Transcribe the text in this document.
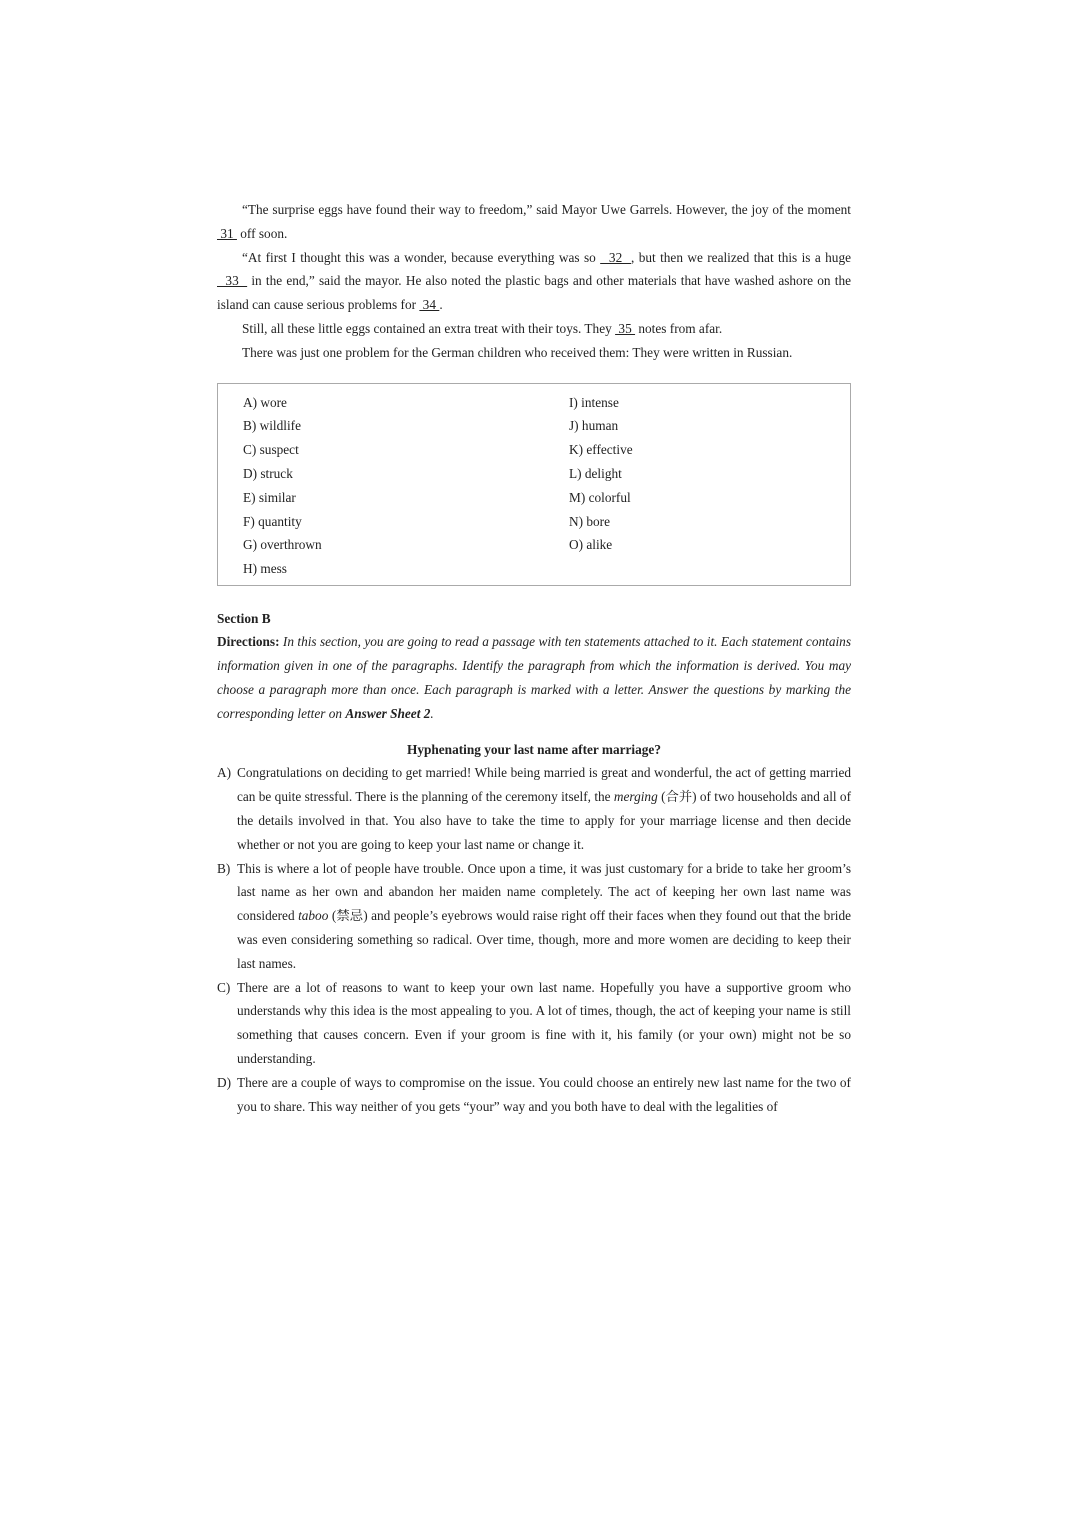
“The surprise eggs have found their way to freedom,” said Mayor Uwe Garrels. However, the joy of the moment  31  off soon.

“At first I thought this was a wonder, because everything was so   32  , but then we realized that this is a huge   33   in the end,” said the mayor. He also noted the plastic bags and other materials that have washed ashore on the island can cause serious problems for  34 .

Still, all these little eggs contained an extra treat with their toys. They  35  notes from afar.

There was just one problem for the German children who received them: They were written in Russian.

A) wore
B) wildlife
C) suspect
D) struck
E) similar
F) quantity
G) overthrown
H) mess
I) intense
J) human
K) effective
L) delight
M) colorful
N) bore
O) alike
Section B

Directions: In this section, you are going to read a passage with ten statements attached to it. Each statement contains information given in one of the paragraphs. Identify the paragraph from which the information is derived. You may choose a paragraph more than once. Each paragraph is marked with a letter. Answer the questions by marking the corresponding letter on Answer Sheet 2.

Hyphenating your last name after marriage?
A) Congratulations on deciding to get married! While being married is great and wonderful, the act of getting married can be quite stressful. There is the planning of the ceremony itself, the merging (合并) of two households and all of the details involved in that. You also have to take the time to apply for your marriage license and then decide whether or not you are going to keep your last name or change it.
B) This is where a lot of people have trouble. Once upon a time, it was just customary for a bride to take her groom’s last name as her own and abandon her maiden name completely. The act of keeping her own last name was considered taboo (禁忌) and people’s eyebrows would raise right off their faces when they found out that the bride was even considering something so radical. Over time, though, more and more women are deciding to keep their last names.
C) There are a lot of reasons to want to keep your own last name. Hopefully you have a supportive groom who understands why this idea is the most appealing to you. A lot of times, though, the act of keeping your name is still something that causes concern. Even if your groom is fine with it, his family (or your own) might not be so understanding.
D) There are a couple of ways to compromise on the issue. You could choose an entirely new last name for the two of you to share. This way neither of you gets “your” way and you both have to deal with the legalities of
